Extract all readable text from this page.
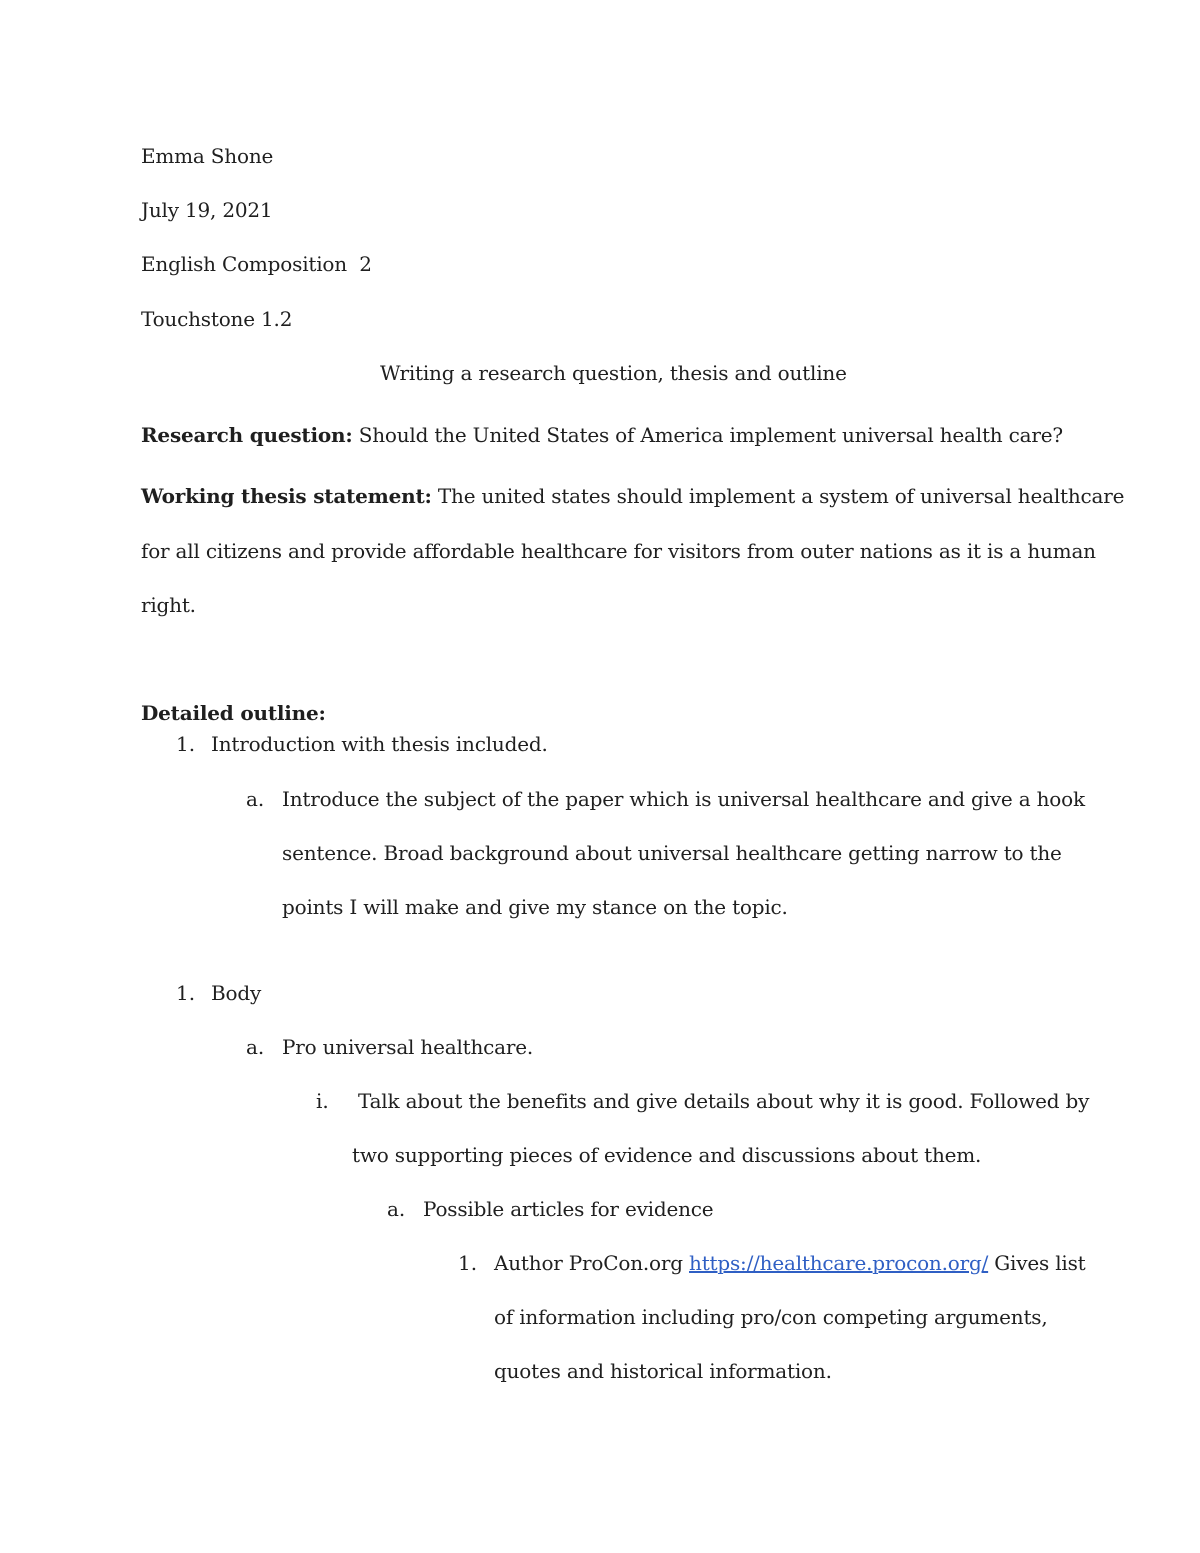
Emma Shone
July 19, 2021
English Composition  2
Touchstone 1.2
Writing a research question, thesis and outline
Research question: Should the United States of America implement universal health care?
Working thesis statement: The united states should implement a system of universal healthcare
for all citizens and provide affordable healthcare for visitors from outer nations as it is a human
right.
Detailed outline:
1. Introduction with thesis included.
a. Introduce the subject of the paper which is universal healthcare and give a hook
sentence. Broad background about universal healthcare getting narrow to the
points I will make and give my stance on the topic.
1. Body
a. Pro universal healthcare.
i. Talk about the benefits and give details about why it is good. Followed by
two supporting pieces of evidence and discussions about them.
a. Possible articles for evidence
1. Author ProCon.org https://healthcare.procon.org/ Gives list
of information including pro/con competing arguments,
quotes and historical information.
